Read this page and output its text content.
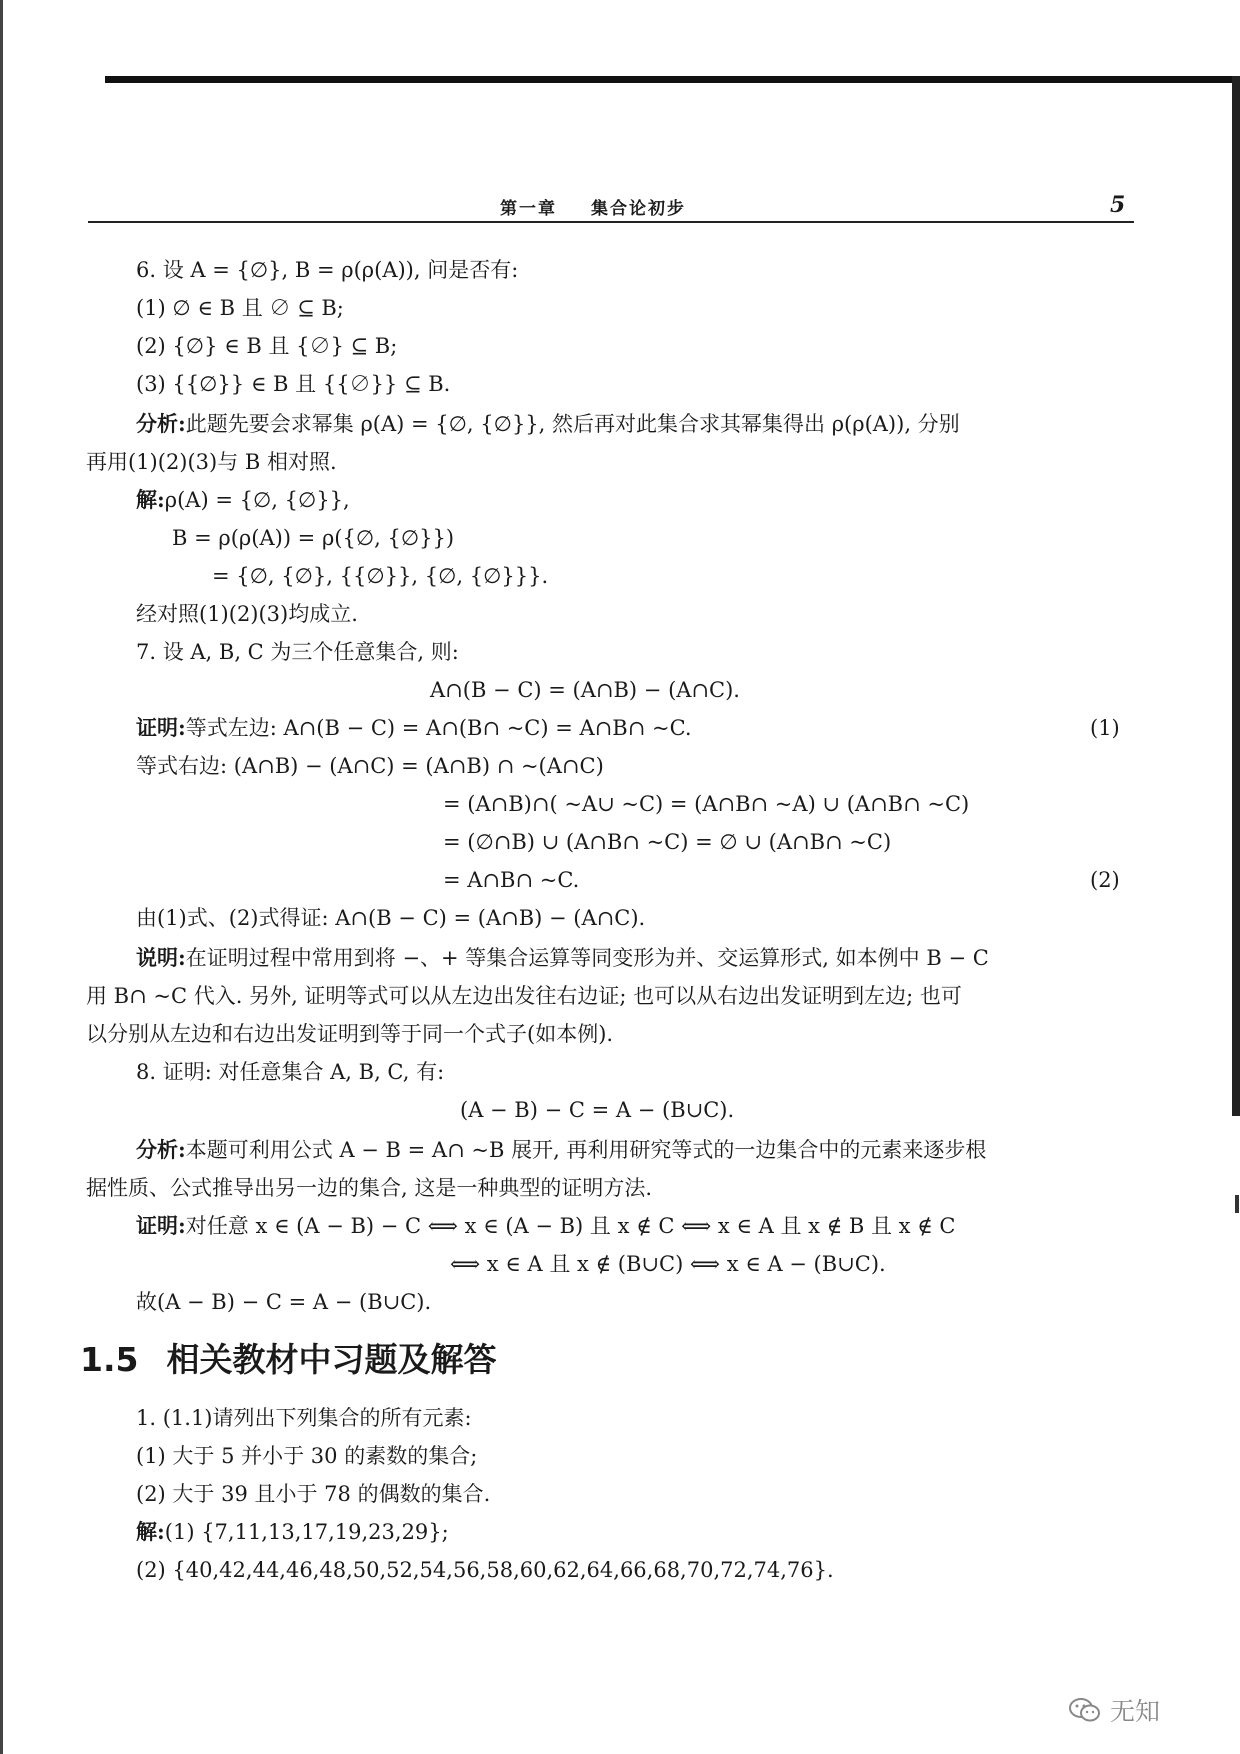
第一章 集合论初步	5
6. 设 A = {∅}, B = ρ(ρ(A)), 问是否有:
(1) ∅ ∈ B 且 ∅ ⊆ B;
(2) {∅} ∈ B 且 {∅} ⊆ B;
(3) {{∅}} ∈ B 且 {{∅}} ⊆ B.
分析:此题先要会求幂集 ρ(A) = {∅, {∅}}, 然后再对此集合求其幂集得出 ρ(ρ(A)), 分别
再用(1)(2)(3)与 B 相对照.
解:ρ(A) = {∅, {∅}},
B = ρ(ρ(A)) = ρ({∅, {∅}})
= {∅, {∅}, {{∅}}, {∅, {∅}}}.
经对照(1)(2)(3)均成立.
7. 设 A, B, C 为三个任意集合, 则:
A∩(B − C) = (A∩B) − (A∩C).
证明:等式左边: A∩(B − C) = A∩(B∩ ~C) = A∩B∩ ~C.	(1)
等式右边: (A∩B) − (A∩C) = (A∩B) ∩ ~(A∩C)
= (A∩B)∩( ~A∪ ~C) = (A∩B∩ ~A) ∪ (A∩B∩ ~C)
= (∅∩B) ∪ (A∩B∩ ~C) = ∅ ∪ (A∩B∩ ~C)
= A∩B∩ ~C.	(2)
由(1)式、(2)式得证: A∩(B − C) = (A∩B) − (A∩C).
说明:在证明过程中常用到将 −、+ 等集合运算等同变形为并、交运算形式, 如本例中 B − C
用 B∩ ~C 代入. 另外, 证明等式可以从左边出发往右边证; 也可以从右边出发证明到左边; 也可
以分别从左边和右边出发证明到等于同一个式子(如本例).
8. 证明: 对任意集合 A, B, C, 有:
(A − B) − C = A − (B∪C).
分析:本题可利用公式 A − B = A∩ ~B 展开, 再利用研究等式的一边集合中的元素来逐步根
据性质、公式推导出另一边的集合, 这是一种典型的证明方法.
证明:对任意 x ∈ (A − B) − C ⟺ x ∈ (A − B) 且 x ∉ C ⟺ x ∈ A 且 x ∉ B 且 x ∉ C
⟺ x ∈ A 且 x ∉ (B∪C) ⟺ x ∈ A − (B∪C).
故(A − B) − C = A − (B∪C).
1.5 相关教材中习题及解答
1. (1.1)请列出下列集合的所有元素:
(1) 大于 5 并小于 30 的素数的集合;
(2) 大于 39 且小于 78 的偶数的集合.
解:(1) {7,11,13,17,19,23,29};
(2) {40,42,44,46,48,50,52,54,56,58,60,62,64,66,68,70,72,74,76}.
无知
